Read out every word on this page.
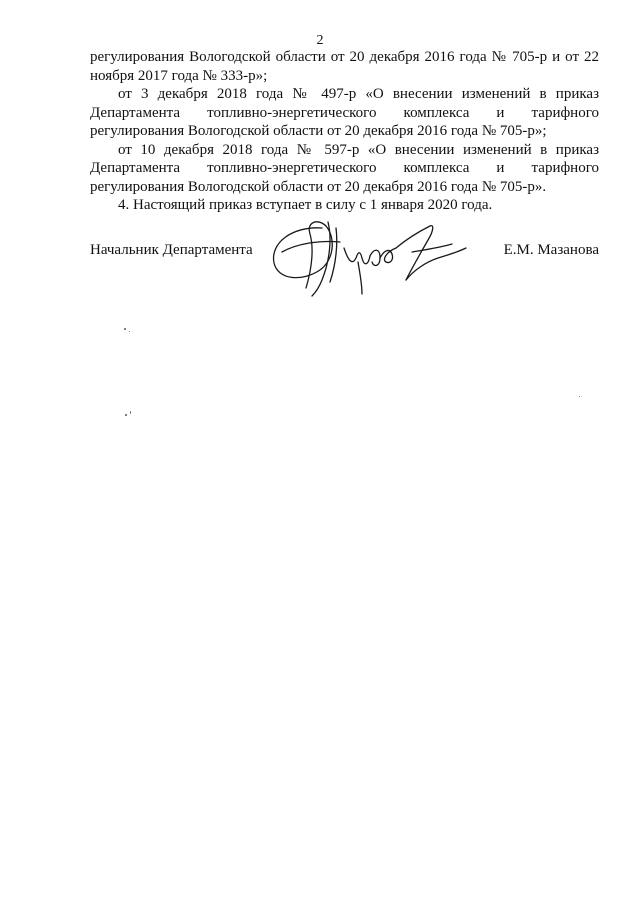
2

регулирования Вологодской области от 20 декабря 2016 года № 705-р и от 22 ноября 2017 года № 333-р»;

от 3 декабря 2018 года № 497-р «О внесении изменений в приказ Департамента топливно-энергетического комплекса и тарифного регулирования Вологодской области от 20 декабря 2016 года № 705-р»;

от 10 декабря 2018 года № 597-р «О внесении изменений в приказ Департамента топливно-энергетического комплекса и тарифного регулирования Вологодской области от 20 декабря 2016 года № 705-р».

4. Настоящий приказ вступает в силу с 1 января 2020 года.

Начальник Департамента	Е.М. Мазанова
